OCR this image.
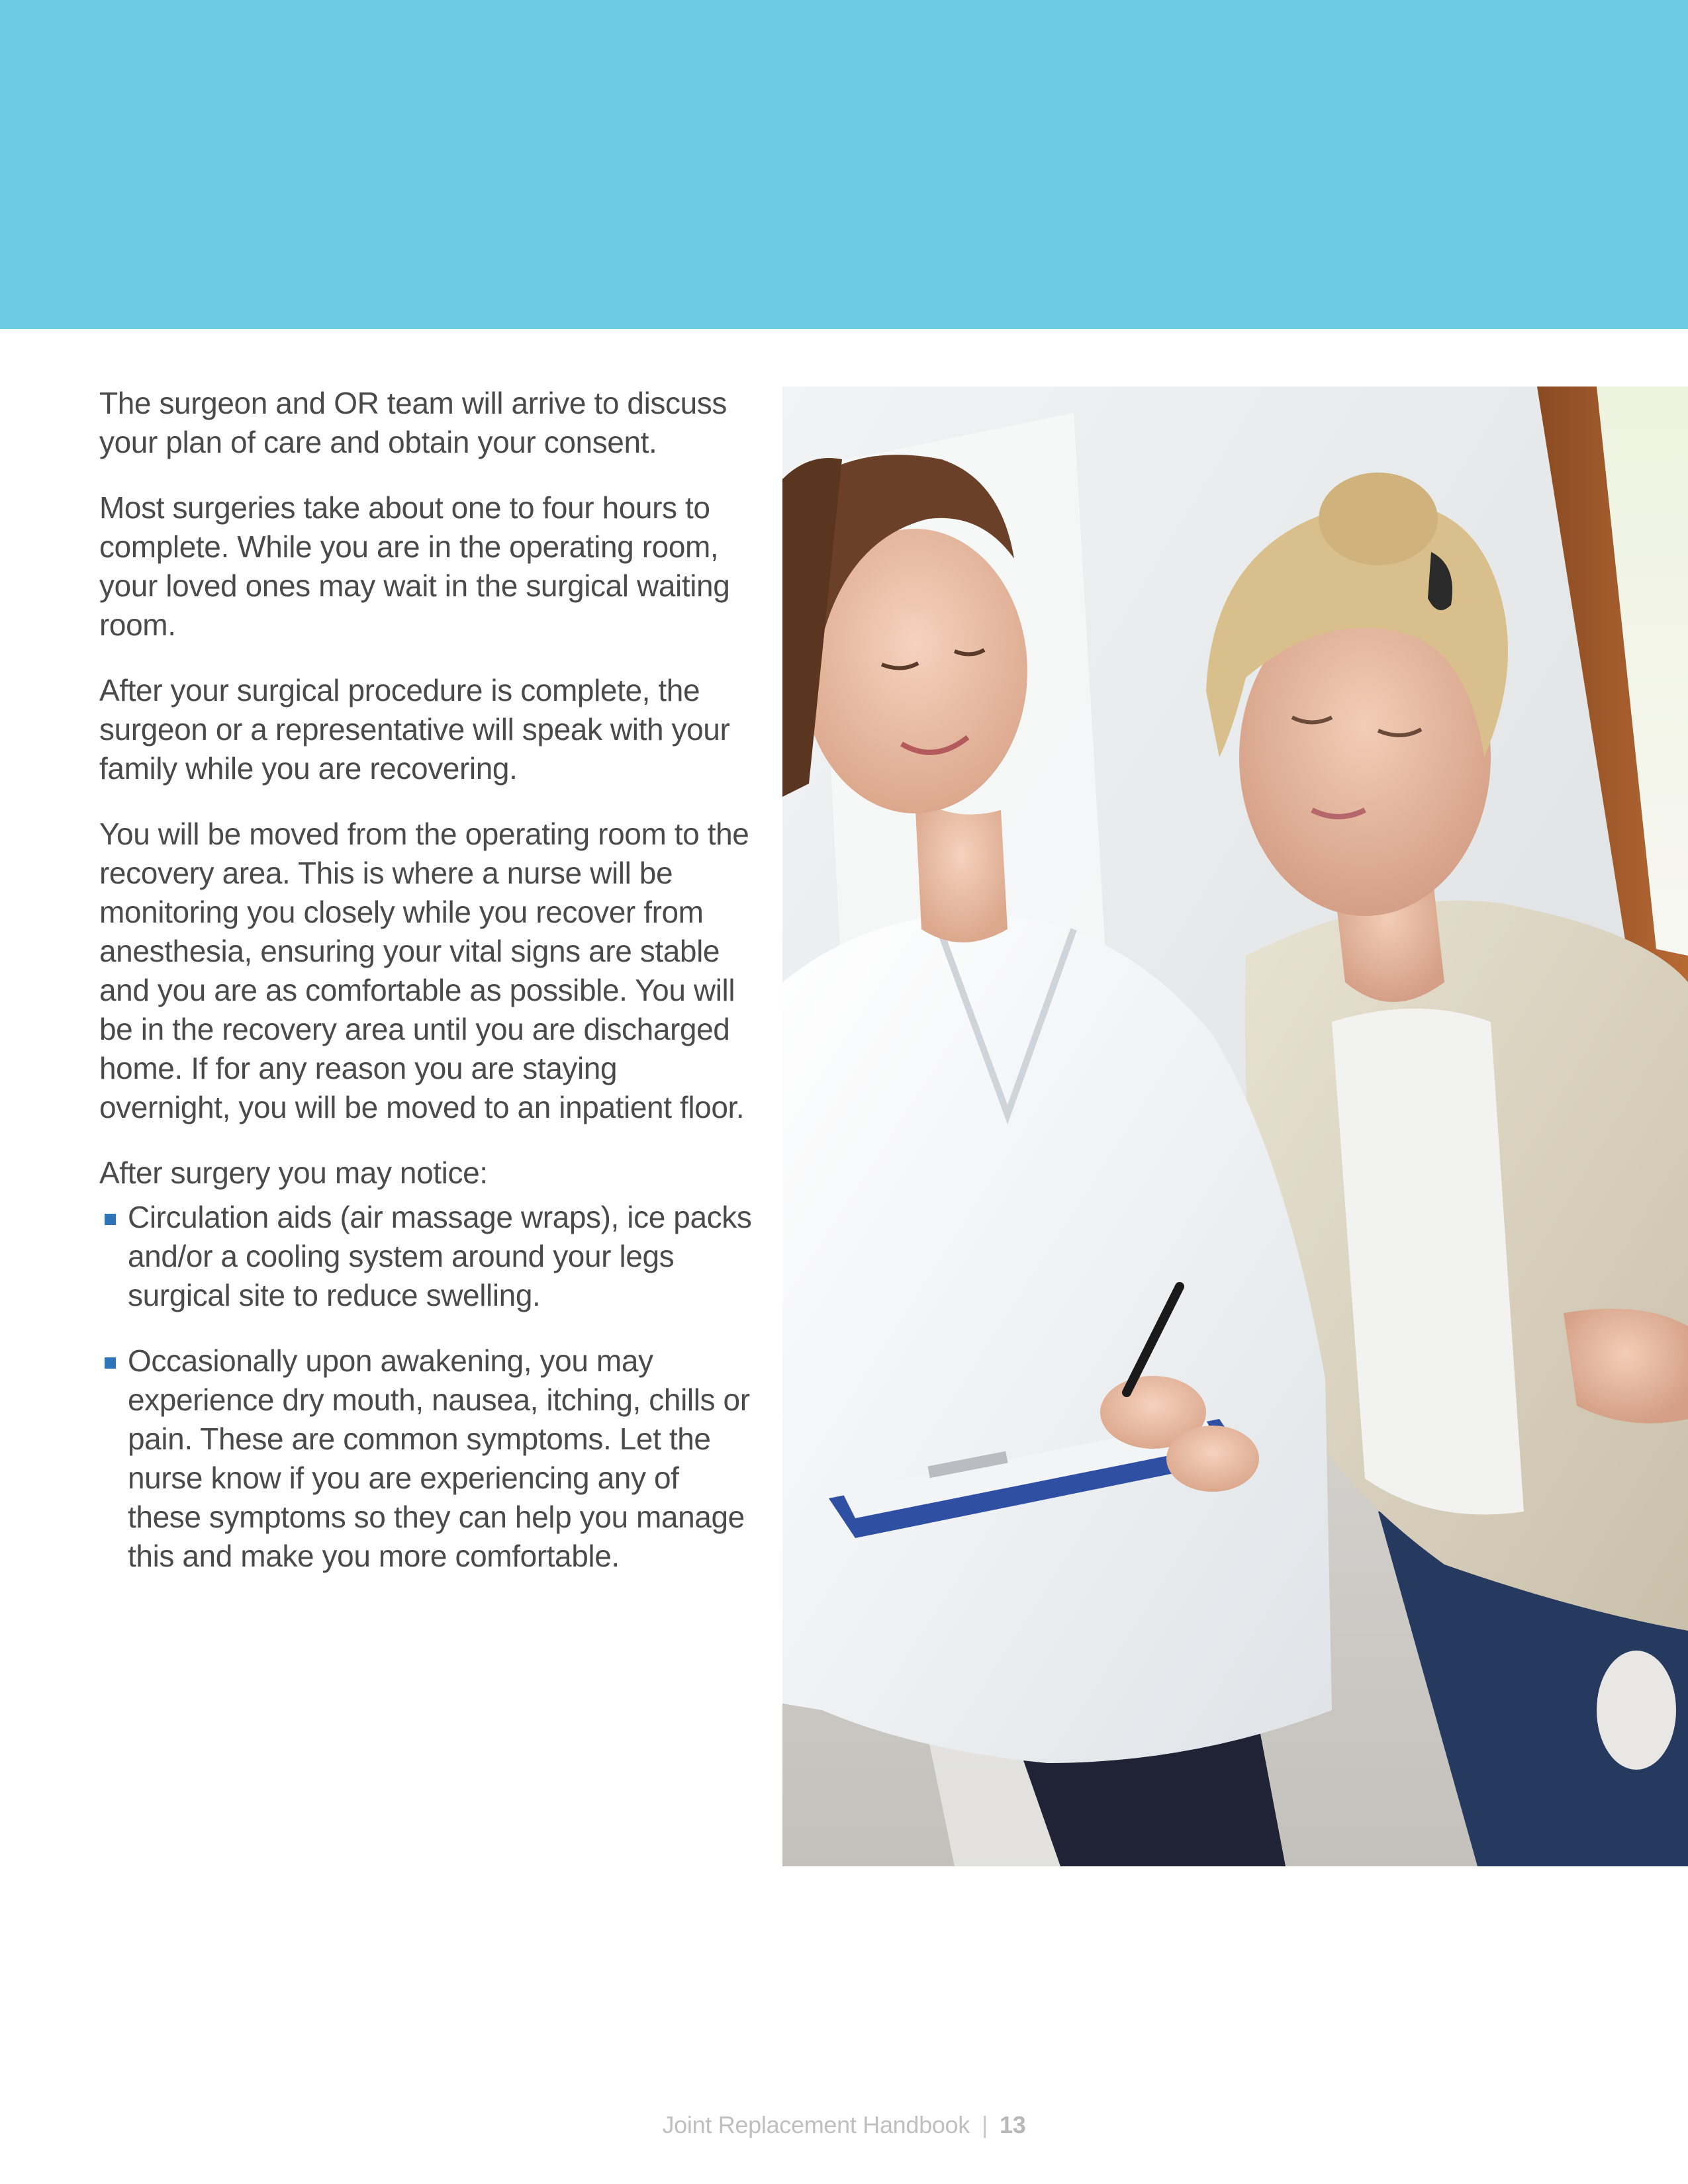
The surgeon and OR team will arrive to discuss your plan of care and obtain your consent.

Most surgeries take about one to four hours to complete. While you are in the operating room, your loved ones may wait in the surgical waiting room.

After your surgical procedure is complete, the surgeon or a representative will speak with your family while you are recovering.

You will be moved from the operating room to the recovery area. This is where a nurse will be monitoring you closely while you recover from anesthesia, ensuring your vital signs are stable and you are as comfortable as possible. You will be in the recovery area until you are discharged home. If for any reason you are staying overnight, you will be moved to an inpatient floor.

After surgery you may notice:

Circulation aids (air massage wraps), ice packs and/or a cooling system around your legs surgical site to reduce swelling.
Occasionally upon awakening, you may experience dry mouth, nausea, itching, chills or pain. These are common symptoms. Let the nurse know if you are experiencing any of these symptoms so they can help you manage this and make you more comfortable.
Joint Replacement Handbook | 13
